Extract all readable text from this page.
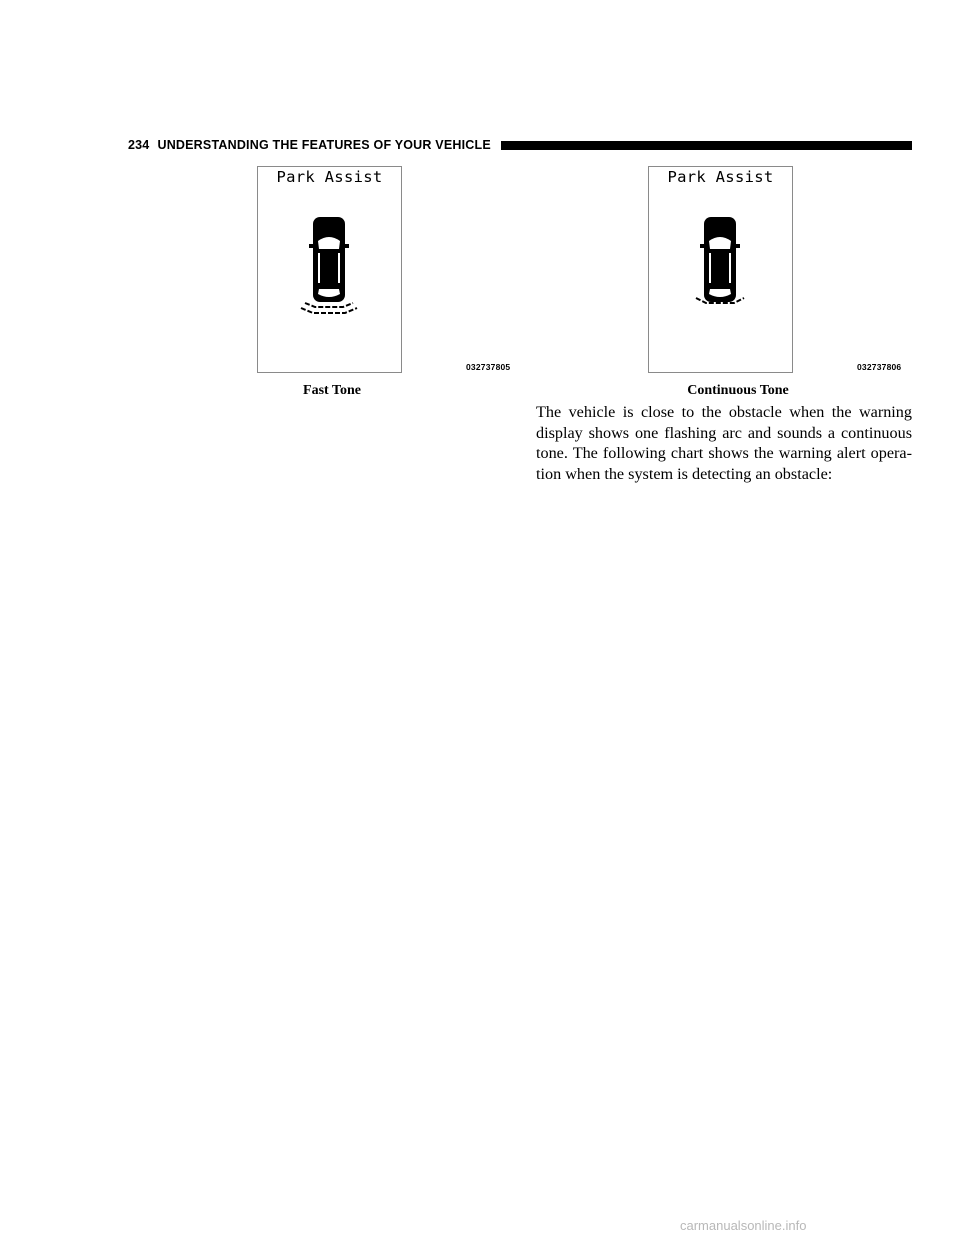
234 UNDERSTANDING THE FEATURES OF YOUR VEHICLE
Park Assist
032737805
Fast Tone
Park Assist
032737806
Continuous Tone
The vehicle is close to the obstacle when the warning display shows one flashing arc and sounds a continuous tone. The following chart shows the warning alert opera-tion when the system is detecting an obstacle:
carmanualsonline.info
